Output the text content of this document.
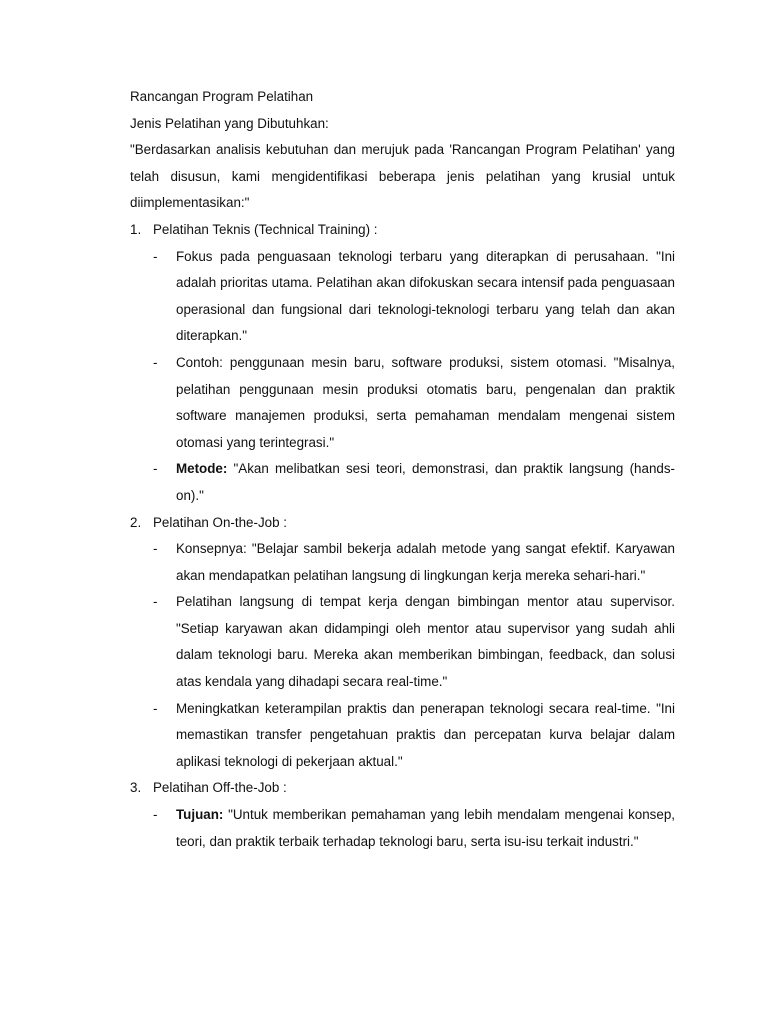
Rancangan Program Pelatihan

Jenis Pelatihan yang Dibutuhkan:

"Berdasarkan analisis kebutuhan dan merujuk pada 'Rancangan Program Pelatihan' yang telah disusun, kami mengidentifikasi beberapa jenis pelatihan yang krusial untuk diimplementasikan:"

1. Pelatihan Teknis (Technical Training) :
- Fokus pada penguasaan teknologi terbaru yang diterapkan di perusahaan. "Ini adalah prioritas utama. Pelatihan akan difokuskan secara intensif pada penguasaan operasional dan fungsional dari teknologi-teknologi terbaru yang telah dan akan diterapkan."
- Contoh: penggunaan mesin baru, software produksi, sistem otomasi. "Misalnya, pelatihan penggunaan mesin produksi otomatis baru, pengenalan dan praktik software manajemen produksi, serta pemahaman mendalam mengenai sistem otomasi yang terintegrasi."
- Metode: "Akan melibatkan sesi teori, demonstrasi, dan praktik langsung (hands-on)."
2. Pelatihan On-the-Job :
- Konsepnya: "Belajar sambil bekerja adalah metode yang sangat efektif. Karyawan akan mendapatkan pelatihan langsung di lingkungan kerja mereka sehari-hari."
- Pelatihan langsung di tempat kerja dengan bimbingan mentor atau supervisor. "Setiap karyawan akan didampingi oleh mentor atau supervisor yang sudah ahli dalam teknologi baru. Mereka akan memberikan bimbingan, feedback, dan solusi atas kendala yang dihadapi secara real-time."
- Meningkatkan keterampilan praktis dan penerapan teknologi secara real-time. "Ini memastikan transfer pengetahuan praktis dan percepatan kurva belajar dalam aplikasi teknologi di pekerjaan aktual."
3. Pelatihan Off-the-Job :
- Tujuan: "Untuk memberikan pemahaman yang lebih mendalam mengenai konsep, teori, dan praktik terbaik terhadap teknologi baru, serta isu-isu terkait industri."
